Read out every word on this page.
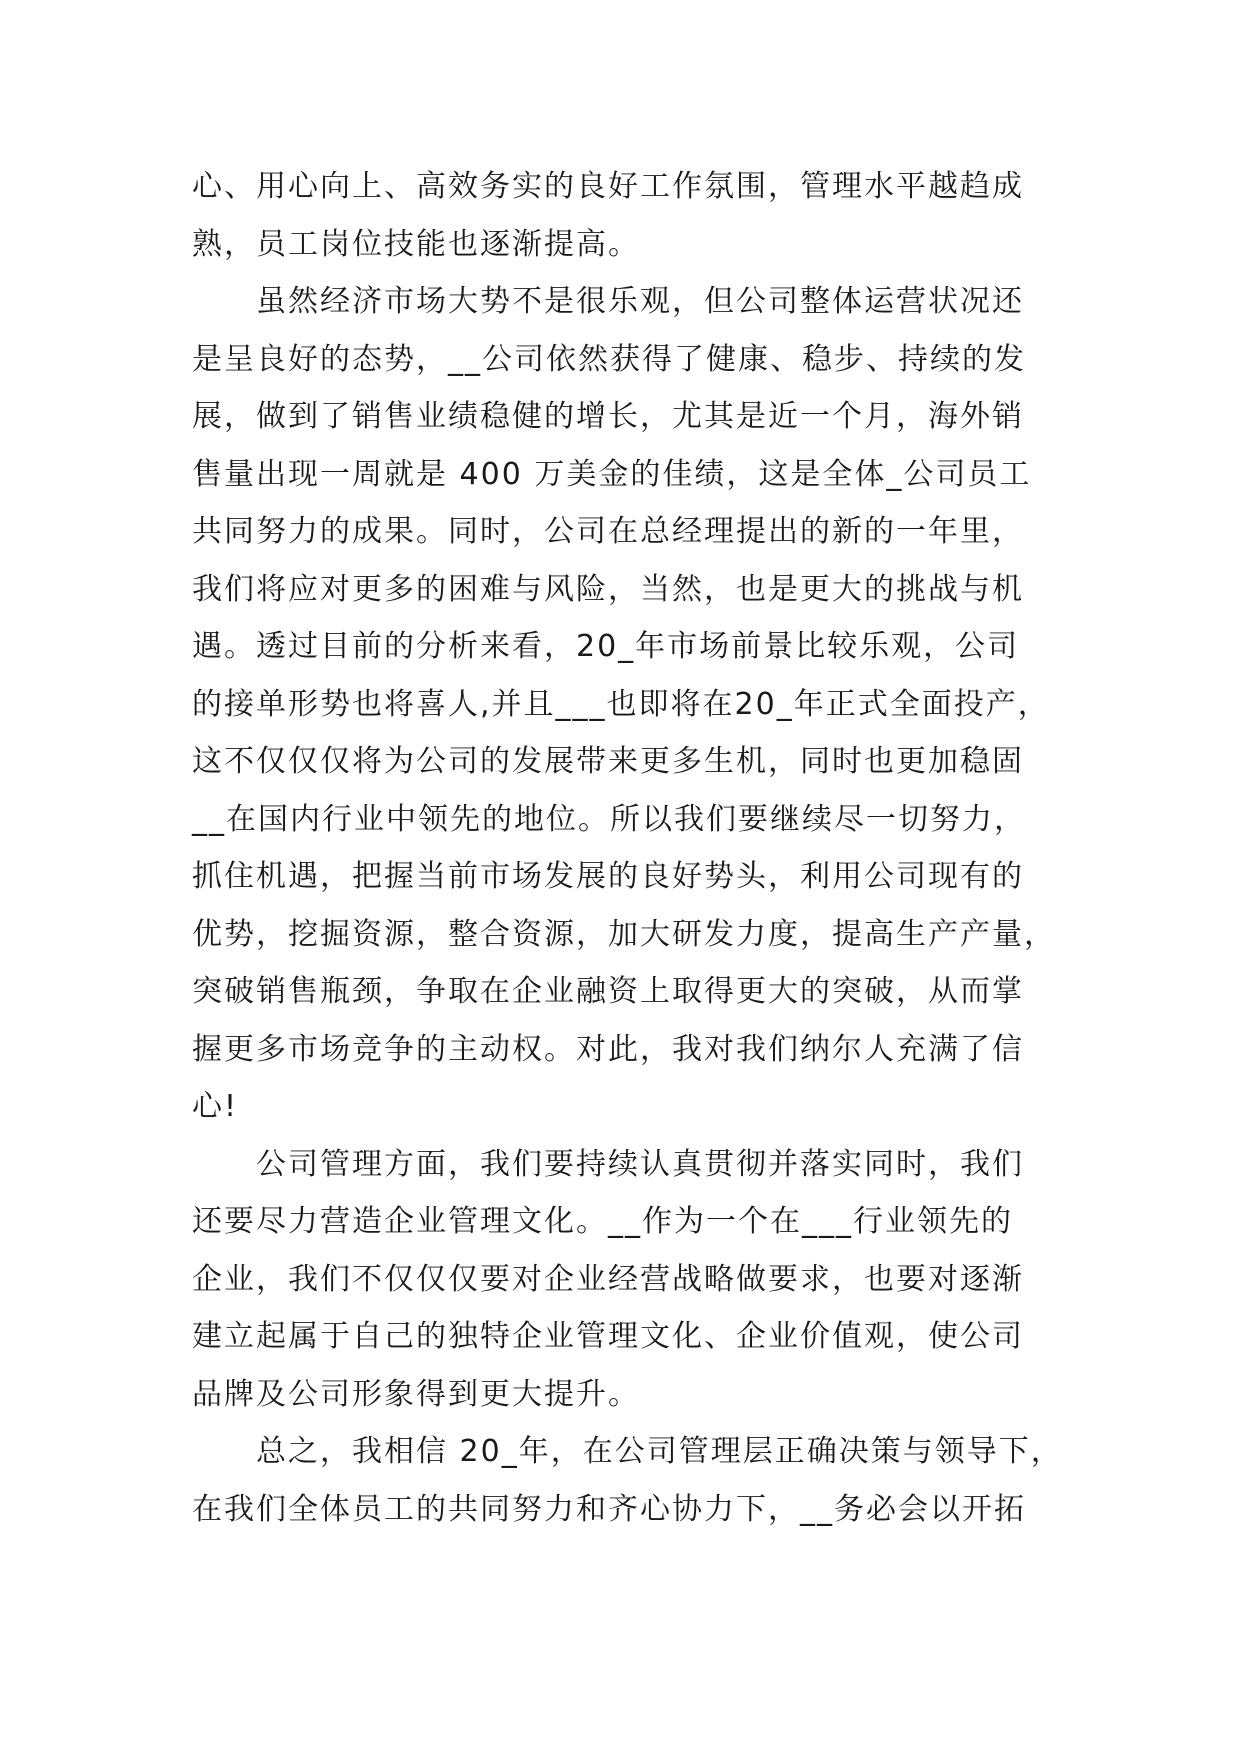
心、用心向上、高效务实的良好工作氛围，管理水平越趋成
熟，员工岗位技能也逐渐提高。
　　虽然经济市场大势不是很乐观，但公司整体运营状况还
是呈良好的态势，__公司依然获得了健康、稳步、持续的发
展，做到了销售业绩稳健的增长，尤其是近一个月，海外销
售量出现一周就是 400 万美金的佳绩，这是全体_公司员工
共同努力的成果。同时，公司在总经理提出的新的一年里，
我们将应对更多的困难与风险，当然，也是更大的挑战与机
遇。透过目前的分析来看，20_年市场前景比较乐观，公司
的接单形势也将喜人,并且___也即将在20_年正式全面投产，
这不仅仅仅将为公司的发展带来更多生机，同时也更加稳固
__在国内行业中领先的地位。所以我们要继续尽一切努力，
抓住机遇，把握当前市场发展的良好势头，利用公司现有的
优势，挖掘资源，整合资源，加大研发力度，提高生产产量，
突破销售瓶颈，争取在企业融资上取得更大的突破，从而掌
握更多市场竞争的主动权。对此，我对我们纳尔人充满了信
心!
　　公司管理方面，我们要持续认真贯彻并落实同时，我们
还要尽力营造企业管理文化。__作为一个在___行业领先的
企业，我们不仅仅仅要对企业经营战略做要求，也要对逐渐
建立起属于自己的独特企业管理文化、企业价值观，使公司
品牌及公司形象得到更大提升。
　　总之，我相信 20_年，在公司管理层正确决策与领导下，
在我们全体员工的共同努力和齐心协力下，__务必会以开拓
